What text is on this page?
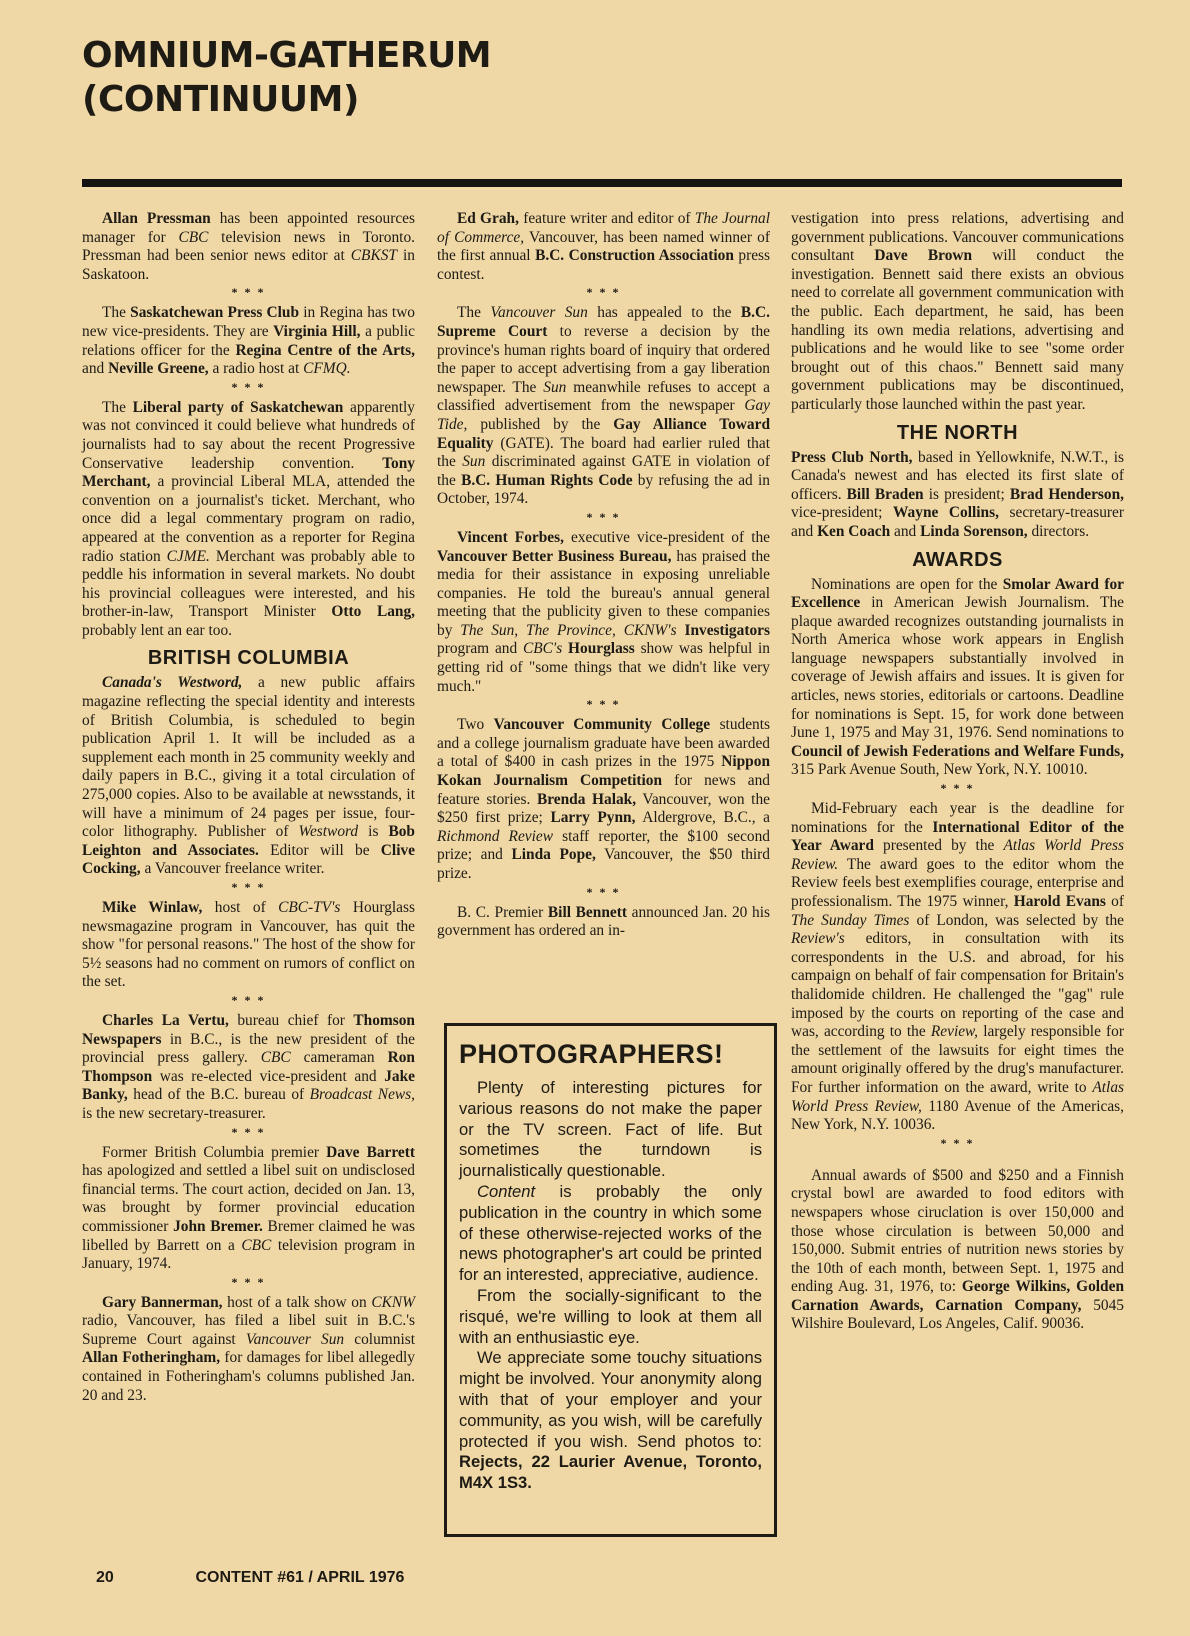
OMNIUM-GATHERUM
(CONTINUUM)

Allan Pressman has been appointed resources manager for CBC television news in Toronto. Pressman had been senior news editor at CBKST in Saskatoon.

* * *

The Saskatchewan Press Club in Regina has two new vice-presidents. They are Virginia Hill, a public relations officer for the Regina Centre of the Arts, and Neville Greene, a radio host at CFMQ.

* * *

The Liberal party of Saskatchewan apparently was not convinced it could believe what hundreds of journalists had to say about the recent Progressive Conservative leadership convention. Tony Merchant, a provincial Liberal MLA, attended the convention on a journalist's ticket. Merchant, who once did a legal commentary program on radio, appeared at the convention as a reporter for Regina radio station CJME. Merchant was probably able to peddle his information in several markets. No doubt his provincial colleagues were interested, and his brother-in-law, Transport Minister Otto Lang, probably lent an ear too.

BRITISH COLUMBIA

Canada's Westword, a new public affairs magazine reflecting the special identity and interests of British Columbia, is scheduled to begin publication April 1. It will be included as a supplement each month in 25 community weekly and daily papers in B.C., giving it a total circulation of 275,000 copies. Also to be available at newsstands, it will have a minimum of 24 pages per issue, four-color lithography. Publisher of Westword is Bob Leighton and Associates. Editor will be Clive Cocking, a Vancouver freelance writer.

* * *

Mike Winlaw, host of CBC-TV's Hourglass newsmagazine program in Vancouver, has quit the show "for personal reasons." The host of the show for 5½ seasons had no comment on rumors of conflict on the set.

* * *

Charles La Vertu, bureau chief for Thomson Newspapers in B.C., is the new president of the provincial press gallery. CBC cameraman Ron Thompson was re-elected vice-president and Jake Banky, head of the B.C. bureau of Broadcast News, is the new secretary-treasurer.

* * *

Former British Columbia premier Dave Barrett has apologized and settled a libel suit on undisclosed financial terms. The court action, decided on Jan. 13, was brought by former provincial education commissioner John Bremer. Bremer claimed he was libelled by Barrett on a CBC television program in January, 1974.

* * *

Gary Bannerman, host of a talk show on CKNW radio, Vancouver, has filed a libel suit in B.C.'s Supreme Court against Vancouver Sun columnist Allan Fotheringham, for damages for libel allegedly contained in Fotheringham's columns published Jan. 20 and 23.

Ed Grah, feature writer and editor of The Journal of Commerce, Vancouver, has been named winner of the first annual B.C. Construction Association press contest.

* * *

The Vancouver Sun has appealed to the B.C. Supreme Court to reverse a decision by the province's human rights board of inquiry that ordered the paper to accept advertising from a gay liberation newspaper. The Sun meanwhile refuses to accept a classified advertisement from the newspaper Gay Tide, published by the Gay Alliance Toward Equality (GATE). The board had earlier ruled that the Sun discriminated against GATE in violation of the B.C. Human Rights Code by refusing the ad in October, 1974.

* * *

Vincent Forbes, executive vice-president of the Vancouver Better Business Bureau, has praised the media for their assistance in exposing unreliable companies. He told the bureau's annual general meeting that the publicity given to these companies by The Sun, The Province, CKNW's Investigators program and CBC's Hourglass show was helpful in getting rid of "some things that we didn't like very much."

* * *

Two Vancouver Community College students and a college journalism graduate have been awarded a total of $400 in cash prizes in the 1975 Nippon Kokan Journalism Competition for news and feature stories. Brenda Halak, Vancouver, won the $250 first prize; Larry Pynn, Aldergrove, B.C., a Richmond Review staff reporter, the $100 second prize; and Linda Pope, Vancouver, the $50 third prize.

* * *

B. C. Premier Bill Bennett announced Jan. 20 his government has ordered an in-

PHOTOGRAPHERS!

Plenty of interesting pictures for various reasons do not make the paper or the TV screen. Fact of life. But sometimes the turndown is journalistically questionable.

Content is probably the only publication in the country in which some of these otherwise-rejected works of the news photographer's art could be printed for an interested, appreciative, audience.

From the socially-significant to the risqué, we're willing to look at them all with an enthusiastic eye.

We appreciate some touchy situations might be involved. Your anonymity along with that of your employer and your community, as you wish, will be carefully protected if you wish. Send photos to: Rejects, 22 Laurier Avenue, Toronto, M4X 1S3.

vestigation into press relations, advertising and government publications. Vancouver communications consultant Dave Brown will conduct the investigation. Bennett said there exists an obvious need to correlate all government communication with the public. Each department, he said, has been handling its own media relations, advertising and publications and he would like to see "some order brought out of this chaos." Bennett said many government publications may be discontinued, particularly those launched within the past year.

THE NORTH

Press Club North, based in Yellowknife, N.W.T., is Canada's newest and has elected its first slate of officers. Bill Braden is president; Brad Henderson, vice-president; Wayne Collins, secretary-treasurer and Ken Coach and Linda Sorenson, directors.

AWARDS

Nominations are open for the Smolar Award for Excellence in American Jewish Journalism. The plaque awarded recognizes outstanding journalists in North America whose work appears in English language newspapers substantially involved in coverage of Jewish affairs and issues. It is given for articles, news stories, editorials or cartoons. Deadline for nominations is Sept. 15, for work done between June 1, 1975 and May 31, 1976. Send nominations to Council of Jewish Federations and Welfare Funds, 315 Park Avenue South, New York, N.Y. 10010.

* * *

Mid-February each year is the deadline for nominations for the International Editor of the Year Award presented by the Atlas World Press Review. The award goes to the editor whom the Review feels best exemplifies courage, enterprise and professionalism. The 1975 winner, Harold Evans of The Sunday Times of London, was selected by the Review's editors, in consultation with its correspondents in the U.S. and abroad, for his campaign on behalf of fair compensation for Britain's thalidomide children. He challenged the "gag" rule imposed by the courts on reporting of the case and was, according to the Review, largely responsible for the settlement of the lawsuits for eight times the amount originally offered by the drug's manufacturer. For further information on the award, write to Atlas World Press Review, 1180 Avenue of the Americas, New York, N.Y. 10036.

* * *

Annual awards of $500 and $250 and a Finnish crystal bowl are awarded to food editors with newspapers whose ciruclation is over 150,000 and those whose circulation is between 50,000 and 150,000. Submit entries of nutrition news stories by the 10th of each month, between Sept. 1, 1975 and ending Aug. 31, 1976, to: George Wilkins, Golden Carnation Awards, Carnation Company, 5045 Wilshire Boulevard, Los Angeles, Calif. 90036.

20	CONTENT #61 / APRIL 1976
